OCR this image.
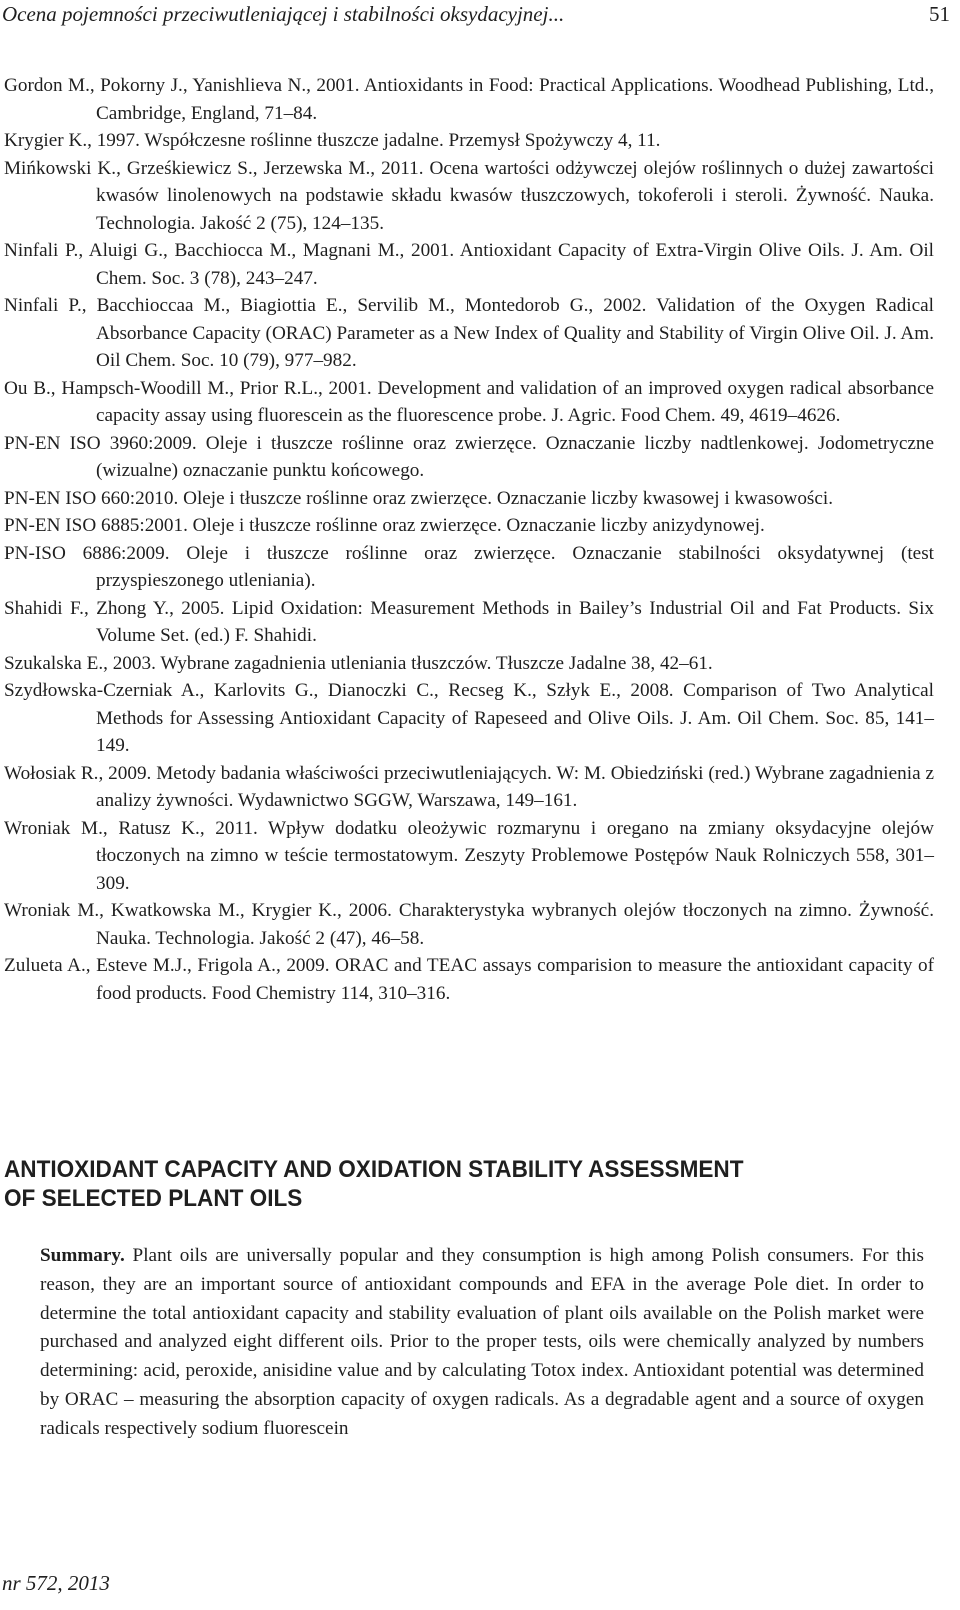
Ocena pojemności przeciwutleniającej i stabilności oksydacyjnej...	51

Gordon M., Pokorny J., Yanishlieva N., 2001. Antioxidants in Food: Practical Applications. Woodhead Publishing, Ltd., Cambridge, England, 71–84.

Krygier K., 1997. Współczesne roślinne tłuszcze jadalne. Przemysł Spożywczy 4, 11.

Mińkowski K., Grześkiewicz S., Jerzewska M., 2011. Ocena wartości odżywczej olejów roślinnych o dużej zawartości kwasów linolenowych na podstawie składu kwasów tłuszczowych, tokoferoli i steroli. Żywność. Nauka. Technologia. Jakość 2 (75), 124–135.

Ninfali P., Aluigi G., Bacchiocca M., Magnani M., 2001. Antioxidant Capacity of Extra-Virgin Olive Oils. J. Am. Oil Chem. Soc. 3 (78), 243–247.

Ninfali P., Bacchioccaa M., Biagiottia E., Servilib M., Montedorob G., 2002. Validation of the Oxygen Radical Absorbance Capacity (ORAC) Parameter as a New Index of Quality and Stability of Virgin Olive Oil. J. Am. Oil Chem. Soc. 10 (79), 977–982.

Ou B., Hampsch-Woodill M., Prior R.L., 2001. Development and validation of an improved oxygen radical absorbance capacity assay using fluorescein as the fluorescence probe. J. Agric. Food Chem. 49, 4619–4626.

PN-EN ISO 3960:2009. Oleje i tłuszcze roślinne oraz zwierzęce. Oznaczanie liczby nadtlenkowej. Jodometryczne (wizualne) oznaczanie punktu końcowego.

PN-EN ISO 660:2010. Oleje i tłuszcze roślinne oraz zwierzęce. Oznaczanie liczby kwasowej i kwasowości.

PN-EN ISO 6885:2001. Oleje i tłuszcze roślinne oraz zwierzęce. Oznaczanie liczby anizydynowej.

PN-ISO 6886:2009. Oleje i tłuszcze roślinne oraz zwierzęce. Oznaczanie stabilności oksydatywnej (test przyspieszonego utleniania).

Shahidi F., Zhong Y., 2005. Lipid Oxidation: Measurement Methods in Bailey’s Industrial Oil and Fat Products. Six Volume Set. (ed.) F. Shahidi.

Szukalska E., 2003. Wybrane zagadnienia utleniania tłuszczów. Tłuszcze Jadalne 38, 42–61.

Szydłowska-Czerniak A., Karlovits G., Dianoczki C., Recseg K., Szłyk E., 2008. Comparison of Two Analytical Methods for Assessing Antioxidant Capacity of Rapeseed and Olive Oils. J. Am. Oil Chem. Soc. 85, 141–149.

Wołosiak R., 2009. Metody badania właściwości przeciwutleniających. W: M. Obiedziński (red.) Wybrane zagadnienia z analizy żywności. Wydawnictwo SGGW, Warszawa, 149–161.

Wroniak M., Ratusz K., 2011. Wpływ dodatku oleożywic rozmarynu i oregano na zmiany oksydacyjne olejów tłoczonych na zimno w teście termostatowym. Zeszyty Problemowe Postępów Nauk Rolniczych 558, 301–309.

Wroniak M., Kwatkowska M., Krygier K., 2006. Charakterystyka wybranych olejów tłoczonych na zimno. Żywność. Nauka. Technologia. Jakość 2 (47), 46–58.

Zulueta A., Esteve M.J., Frigola A., 2009. ORAC and TEAC assays comparision to measure the antioxidant capacity of food products. Food Chemistry 114, 310–316.

ANTIOXIDANT CAPACITY AND OXIDATION STABILITY ASSESSMENT
OF SELECTED PLANT OILS

Summary. Plant oils are universally popular and they consumption is high among Polish consumers. For this reason, they are an important source of antioxidant compounds and EFA in the average Pole diet. In order to determine the total antioxidant capacity and stability evaluation of plant oils available on the Polish market were purchased and analyzed eight different oils. Prior to the proper tests, oils were chemically analyzed by numbers determining: acid, peroxide, anisidine value and by calculating Totox index. Antioxidant potential was determined by ORAC – measuring the absorption capacity of oxygen radicals. As a degradable agent and a source of oxygen radicals respectively sodium fluorescein

nr 572, 2013
